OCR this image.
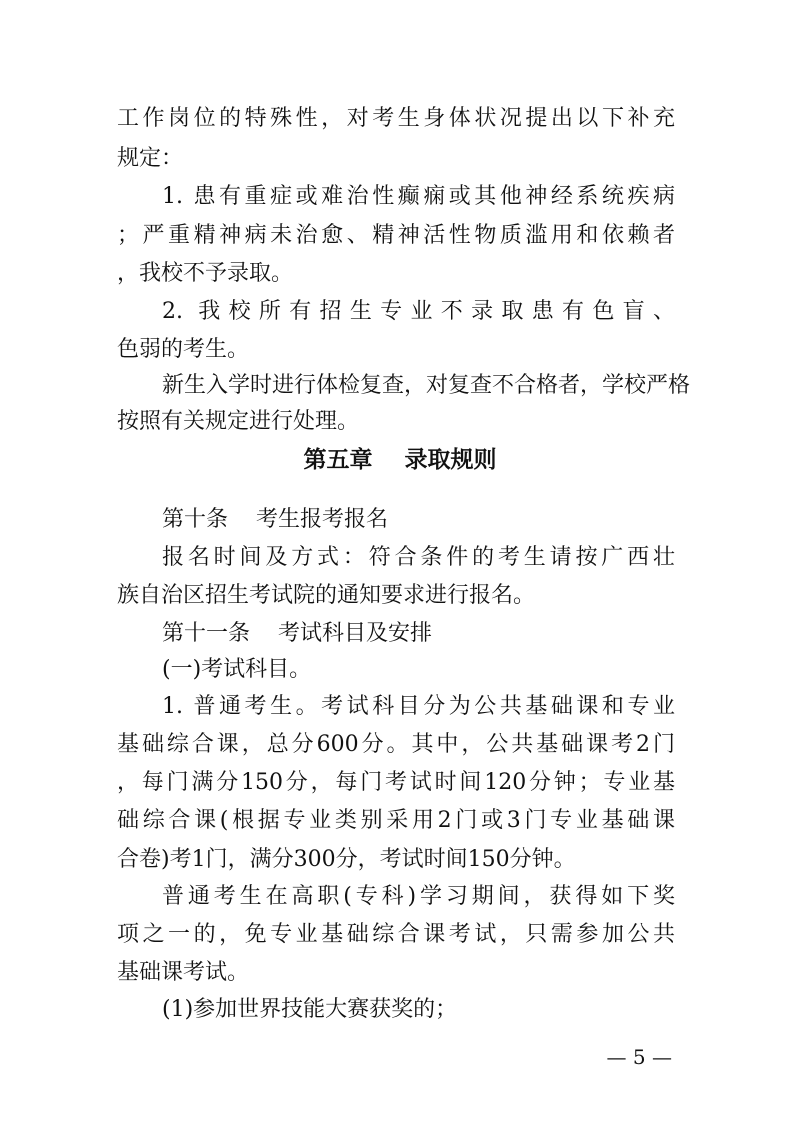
工作岗位的特殊性，对考生身体状况提出以下补充
规定：
1. 患有重症或难治性癫痫或其他神经系统疾病
；严重精神病未治愈、精神活性物质滥用和依赖者
，我校不予录取。
2. 我校所有招生专业不录取患有色盲、
色弱的考生。
新生入学时进行体检复查，对复查不合格者，学校严格
按照有关规定进行处理。
第五章    录取规则
第十条    考生报考报名
报名时间及方式：符合条件的考生请按广西壮
族自治区招生考试院的通知要求进行报名。
第十一条    考试科目及安排
(一)考试科目。
1. 普通考生。考试科目分为公共基础课和专业
基础综合课，总分600分。其中，公共基础课考2门
，每门满分150分，每门考试时间120分钟；专业基
础综合课(根据专业类别采用2门或3门专业基础课
合卷)考1门，满分300分，考试时间150分钟。
普通考生在高职(专科)学习期间，获得如下奖
项之一的，免专业基础综合课考试，只需参加公共
基础课考试。
(1)参加世界技能大赛获奖的；
— 5 —
